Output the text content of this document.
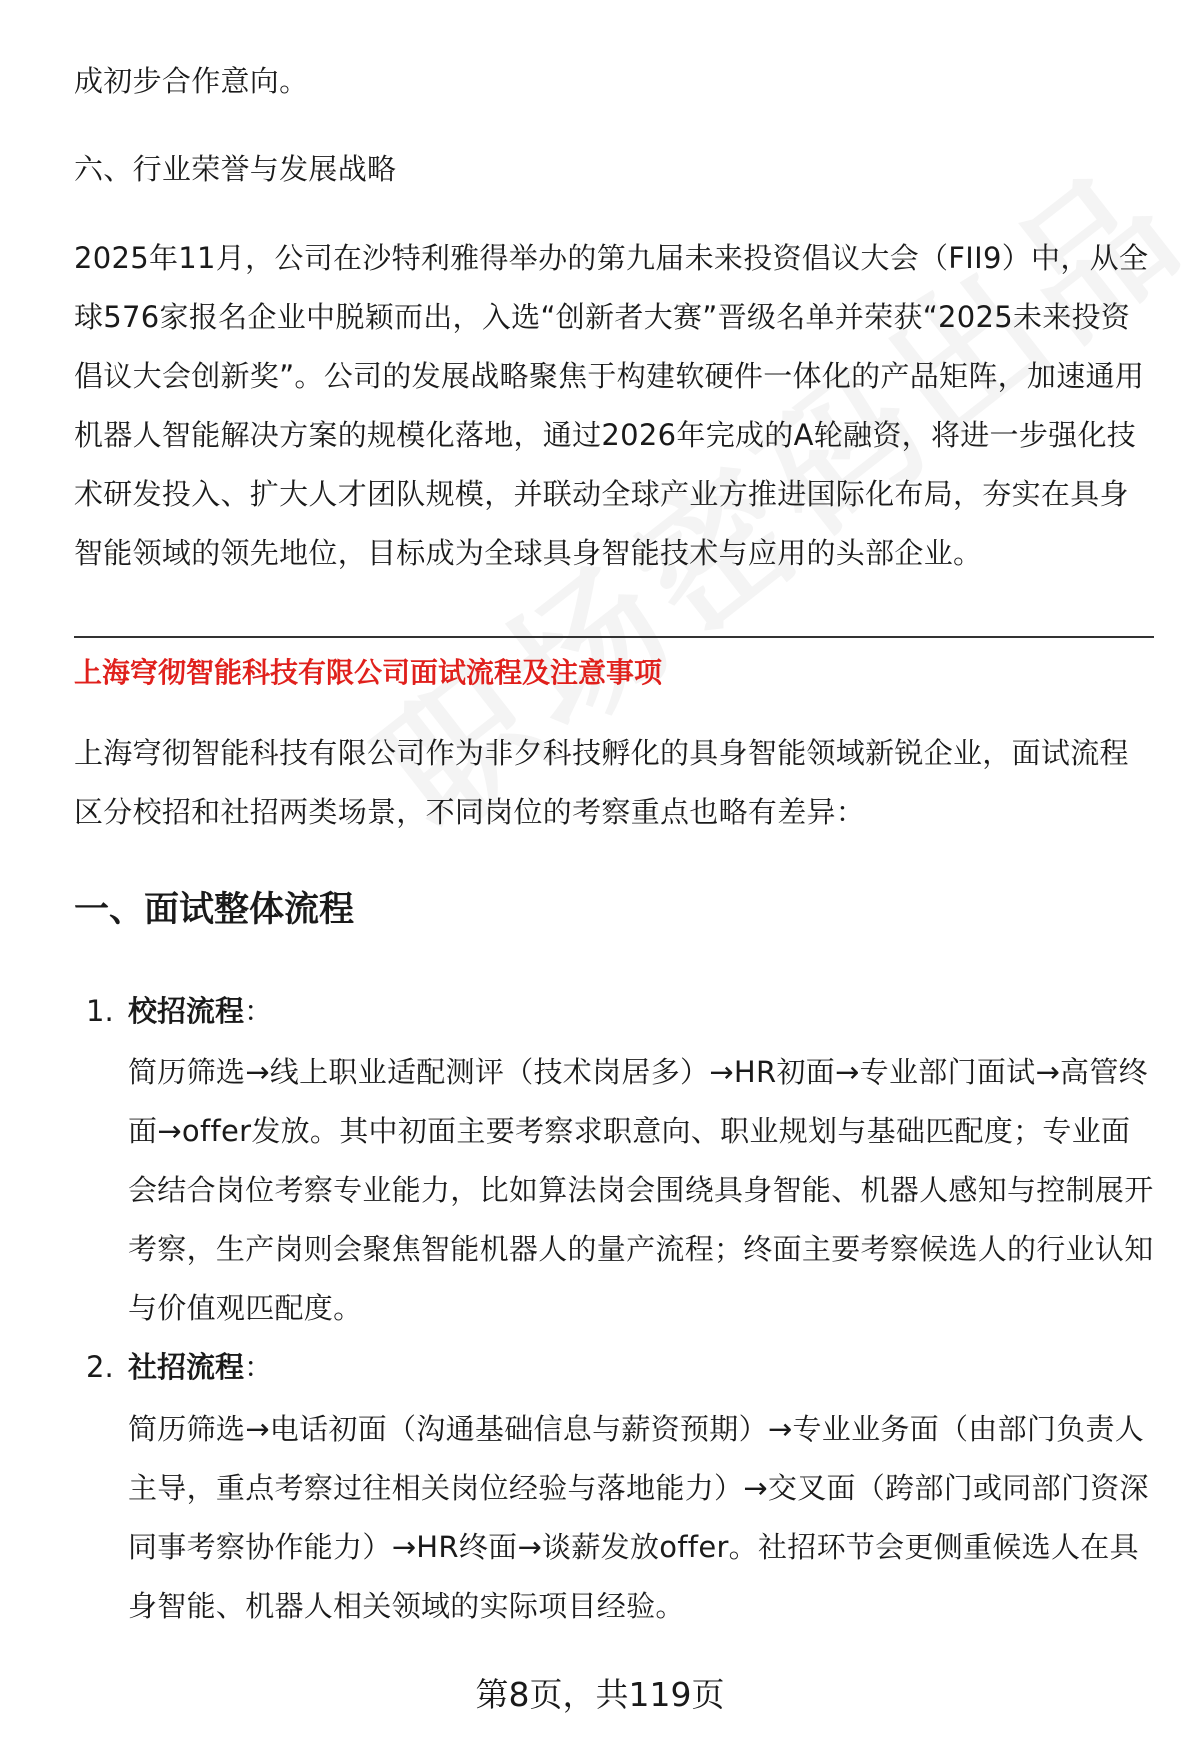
成初步合作意向。

六、行业荣誉与发展战略

2025年11月，公司在沙特利雅得举办的第九届未来投资倡议大会（FII9）中，从全球576家报名企业中脱颖而出，入选“创新者大赛”晋级名单并荣获“2025未来投资倡议大会创新奖”。公司的发展战略聚焦于构建软硬件一体化的产品矩阵，加速通用机器人智能解决方案的规模化落地，通过2026年完成的A轮融资，将进一步强化技术研发投入、扩大人才团队规模，并联动全球产业方推进国际化布局，夯实在具身智能领域的领先地位，目标成为全球具身智能技术与应用的头部企业。

上海穹彻智能科技有限公司面试流程及注意事项

上海穹彻智能科技有限公司作为非夕科技孵化的具身智能领域新锐企业，面试流程区分校招和社招两类场景，不同岗位的考察重点也略有差异：

一、面试整体流程
1. 校招流程：

简历筛选→线上职业适配测评（技术岗居多）→HR初面→专业部门面试→高管终面→offer发放。其中初面主要考察求职意向、职业规划与基础匹配度；专业面会结合岗位考察专业能力，比如算法岗会围绕具身智能、机器人感知与控制展开考察，生产岗则会聚焦智能机器人的量产流程；终面主要考察候选人的行业认知与价值观匹配度。

2. 社招流程：

简历筛选→电话初面（沟通基础信息与薪资预期）→专业业务面（由部门负责人主导，重点考察过往相关岗位经验与落地能力）→交叉面（跨部门或同部门资深同事考察协作能力）→HR终面→谈薪发放offer。社招环节会更侧重候选人在具身智能、机器人相关领域的实际项目经验。

第8页，共119页
